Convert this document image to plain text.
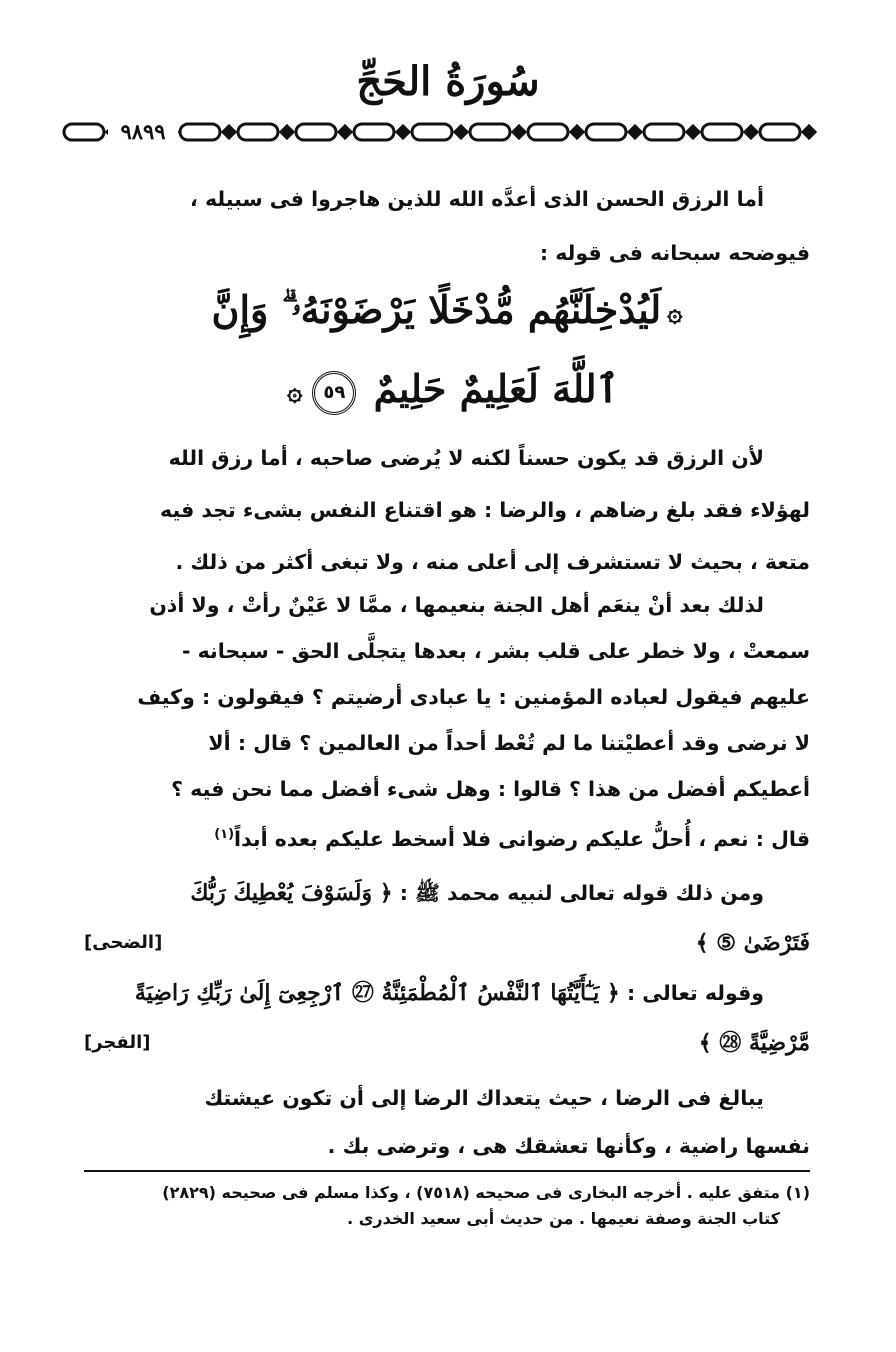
سُورَةُ الحَجِّ
٩٨٩٩
أما الرزق الحسن الذى أعدَّه الله للذين هاجروا فى سبيله ،
فيوضحه سبحانه فى قوله :
۞لَيُدْخِلَنَّهُم مُّدْخَلًا يَرْضَوْنَهُۥ ۗ وَإِنَّ
ٱللَّهَ لَعَلِيمٌ حَلِيمٌ ٥٩۞
لأن الرزق قد يكون حسناً لكنه لا يُرضى صاحبه ، أما رزق الله
لهؤلاء فقد بلغ رضاهم ، والرضا : هو اقتناع النفس بشىء تجد فيه
متعة ، بحيث لا تستشرف إلى أعلى منه ، ولا تبغى أكثر من ذلك .
لذلك بعد أنْ ينعَم أهل الجنة بنعيمها ، ممَّا لا عَيْنٌ رأتْ ، ولا أذن
سمعتْ ، ولا خطر على قلب بشر ، بعدها يتجلَّى الحق - سبحانه -
عليهم فيقول لعباده المؤمنين : يا عبادى أرضيتم ؟ فيقولون : وكيف
لا نرضى وقد أعطيْتنا ما لم تُعْط أحداً من العالمين ؟ قال : ألا
أعطيكم أفضل من هذا ؟ قالوا : وهل شىء أفضل مما نحن فيه ؟
قال : نعم ، أُحلُّ عليكم رضوانى فلا أسخط عليكم بعده أبداً$^{(١)}$
ومن ذلك قوله تعالى لنبيه محمد ﷺ : ﴿ وَلَسَوْفَ يُعْطِيكَ رَبُّكَ
فَتَرْضَىٰ ⑤ ﴾
[الضحى]
وقوله تعالى : ﴿ يَـٰٓأَيَّتُهَا ٱلنَّفْسُ ٱلْمُطْمَئِنَّةُ ㉗ ٱرْجِعِىٓ إِلَىٰ رَبِّكِ رَاضِيَةً
مَّرْضِيَّةً ㉘ ﴾
[الفجر]
يبالغ فى الرضا ، حيث يتعداك الرضا إلى أن تكون عيشتك
نفسها راضية ، وكأنها تعشقك هى ، وترضى بك .
(١) متفق عليه . أخرجه البخارى فى صحيحه (٧٥١٨) ، وكذا مسلم فى صحيحه (٢٨٢٩)
كتاب الجنة وصفة نعيمها . من حديث أبى سعيد الخدرى .
